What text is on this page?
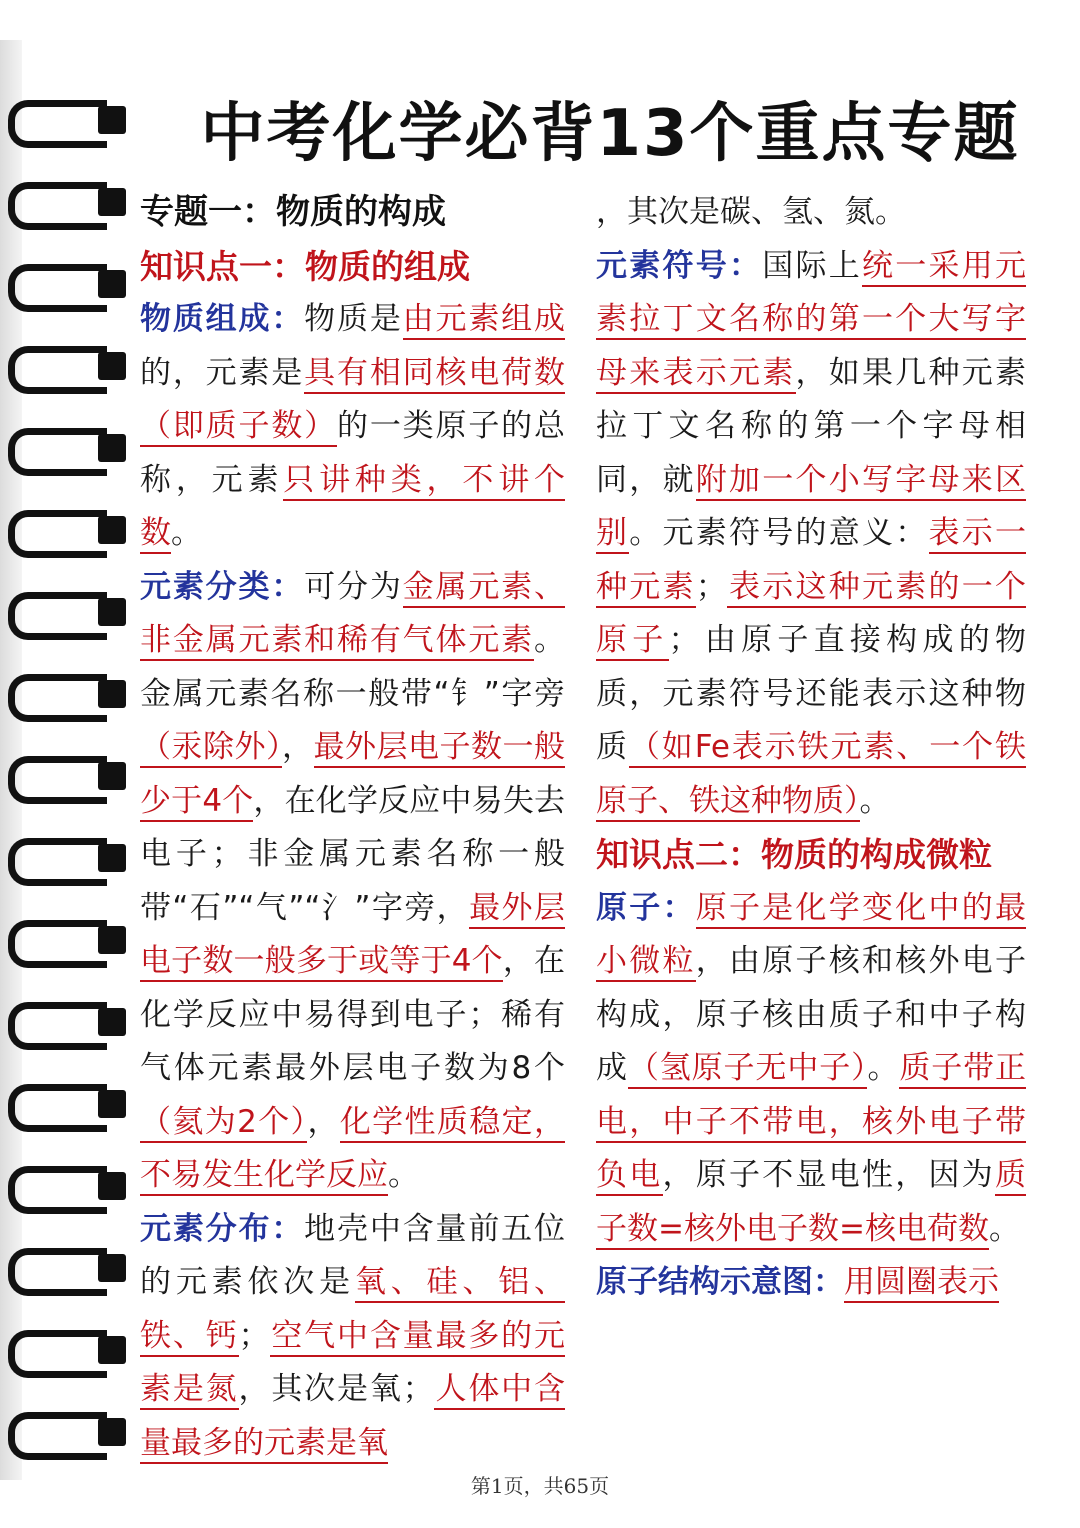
中考化学必背13个重点专题

专题一：物质的构成

知识点一：物质的组成

物质组成：物质是由元素组成的，元素是具有相同核电荷数（即质子数）的一类原子的总称，元素只讲种类，不讲个数。

元素分类：可分为金属元素、非金属元素和稀有气体元素。金属元素名称一般带“钅”字旁（汞除外），最外层电子数一般少于4个，在化学反应中易失去电子；非金属元素名称一般带“石”“气”“氵”字旁，最外层电子数一般多于或等于4个，在化学反应中易得到电子；稀有气体元素最外层电子数为8个（氦为2个），化学性质稳定，不易发生化学反应。

元素分布：地壳中含量前五位的元素依次是氧、硅、铝、铁、钙；空气中含量最多的元素是氮，其次是氧；人体中含量最多的元素是氧

，其次是碳、氢、氮。

元素符号：国际上统一采用元素拉丁文名称的第一个大写字母来表示元素，如果几种元素拉丁文名称的第一个字母相同，就附加一个小写字母来区别。元素符号的意义：表示一种元素；表示这种元素的一个原子；由原子直接构成的物质，元素符号还能表示这种物质（如Fe表示铁元素、一个铁原子、铁这种物质）。

知识点二：物质的构成微粒

原子：原子是化学变化中的最小微粒，由原子核和核外电子构成，原子核由质子和中子构成（氢原子无中子）。质子带正电，中子不带电，核外电子带负电，原子不显电性，因为质子数=核外电子数=核电荷数。

原子结构示意图：用圆圈表示

第1页，共65页
